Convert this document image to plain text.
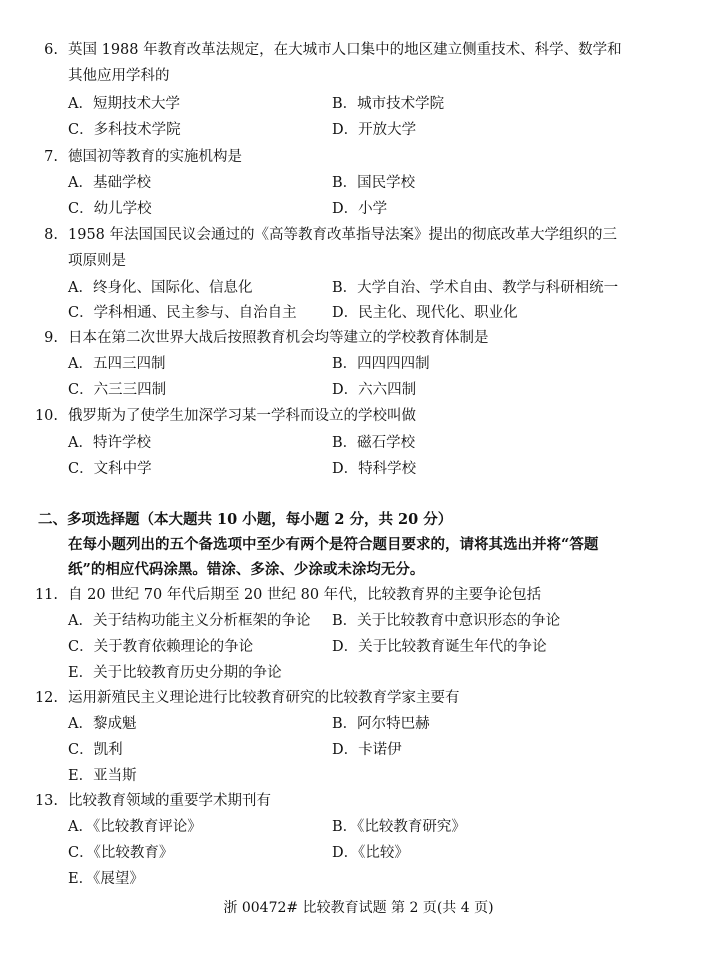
6. 英国 1988 年教育改革法规定，在大城市人口集中的地区建立侧重技术、科学、数学和
其他应用学科的
A．短期技术大学	B．城市技术学院
C．多科技术学院	D．开放大学
7. 德国初等教育的实施机构是
A．基础学校	B．国民学校
C．幼儿学校	D．小学
8. 1958 年法国国民议会通过的《高等教育改革指导法案》提出的彻底改革大学组织的三
项原则是
A．终身化、国际化、信息化	B．大学自治、学术自由、教学与科研相统一
C．学科相通、民主参与、自治自主 D．民主化、现代化、职业化
9. 日本在第二次世界大战后按照教育机会均等建立的学校教育体制是
A．五四三四制	B．四四四四制
C．六三三四制	D．六六四制
10. 俄罗斯为了使学生加深学习某一学科而设立的学校叫做
A．特许学校	B．磁石学校
C．文科中学	D．特科学校
二、多项选择题（本大题共 10 小题，每小题 2 分，共 20 分）
在每小题列出的五个备选项中至少有两个是符合题目要求的，请将其选出并将“答题
纸”的相应代码涂黑。错涂、多涂、少涂或未涂均无分。
11. 自 20 世纪 70 年代后期至 20 世纪 80 年代，比较教育界的主要争论包括
A．关于结构功能主义分析框架的争论 B．关于比较教育中意识形态的争论
C．关于教育依赖理论的争论	D．关于比较教育诞生年代的争论
E．关于比较教育历史分期的争论
12. 运用新殖民主义理论进行比较教育研究的比较教育学家主要有
A．黎成魁	B．阿尔特巴赫
C．凯利	D．卡诺伊
E．亚当斯
13. 比较教育领域的重要学术期刊有
A．《比较教育评论》	B．《比较教育研究》
C．《比较教育》	D．《比较》
E．《展望》
浙 00472# 比较教育试题 第 2 页(共 4 页)
